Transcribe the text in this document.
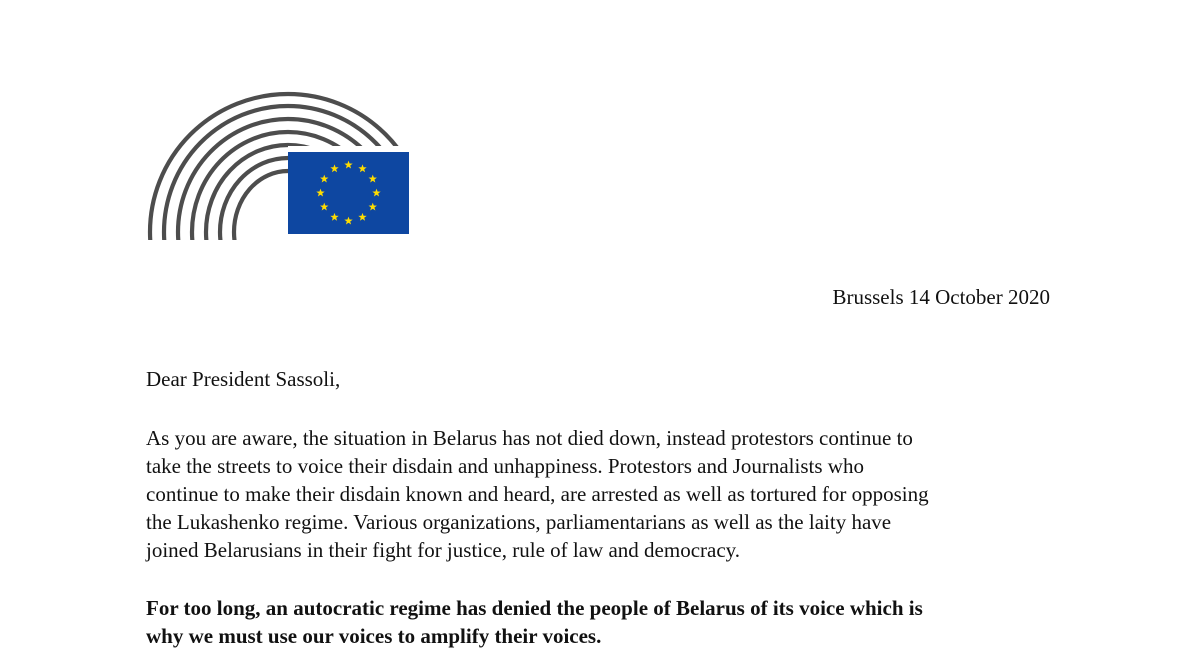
Brussels 14 October 2020
Dear President Sassoli,
As you are aware, the situation in Belarus has not died down, instead protestors continue to
take the streets to voice their disdain and unhappiness. Protestors and Journalists who
continue to make their disdain known and heard, are arrested as well as tortured for opposing
the Lukashenko regime. Various organizations, parliamentarians as well as the laity have
joined Belarusians in their fight for justice, rule of law and democracy.
For too long, an autocratic regime has denied the people of Belarus of its voice which is
why we must use our voices to amplify their voices.
